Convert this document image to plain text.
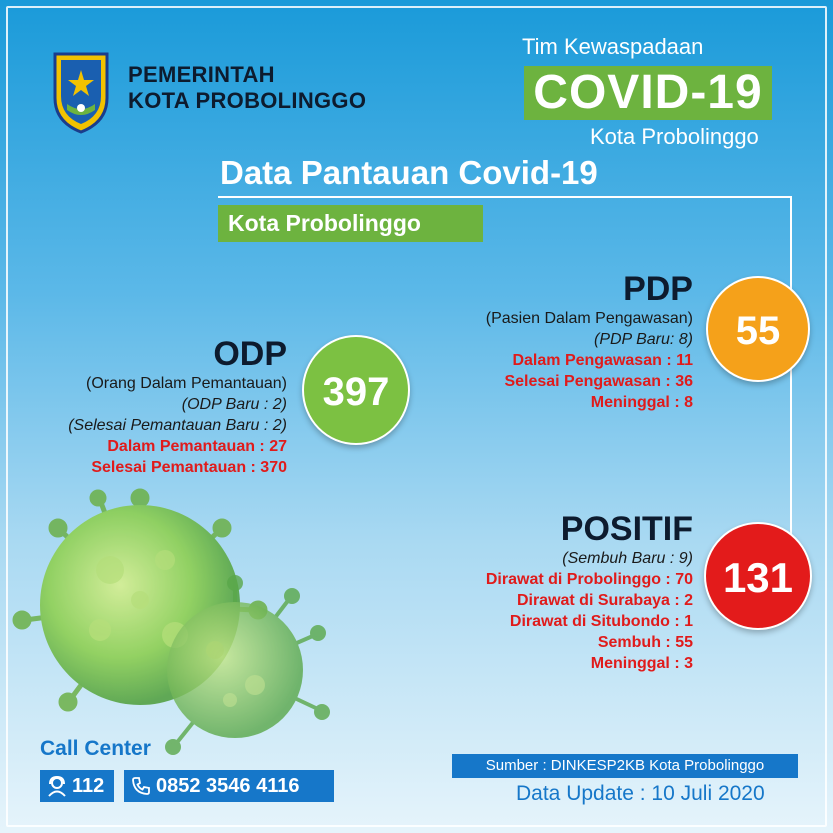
PEMERINTAH
KOTA PROBOLINGGO
Tim Kewaspadaan
COVID-19
Kota Probolinggo
Data Pantauan Covid-19
Kota Probolinggo
ODP
(Orang Dalam Pemantauan)
(ODP Baru : 2)
(Selesai Pemantauan Baru : 2)
Dalam Pemantauan : 27
Selesai Pemantauan : 370
397
PDP
(Pasien Dalam Pengawasan)
(PDP Baru: 8)
Dalam Pengawasan : 11
Selesai Pengawasan : 36
Meninggal : 8
55
POSITIF
(Sembuh Baru : 9)
Dirawat di Probolinggo : 70
Dirawat di Surabaya : 2
Dirawat di Situbondo : 1
Sembuh : 55
Meninggal : 3
131
Call Center
112	0852 3546 4116
Sumber : DINKESP2KB Kota Probolinggo
Data Update : 10 Juli 2020
